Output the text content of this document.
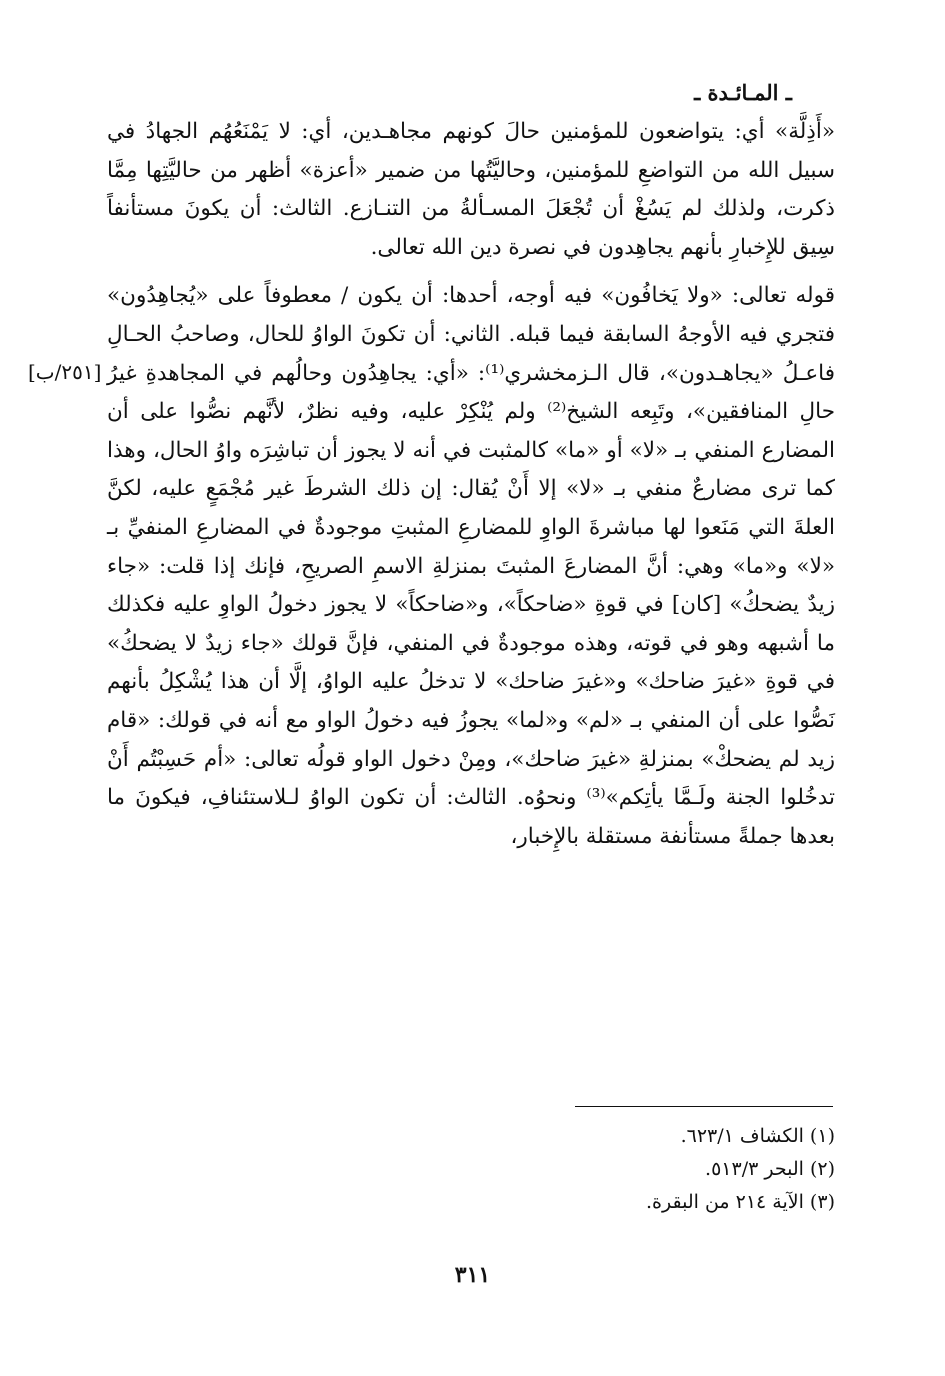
ـ المـائـدة ـ

«أَذِلَّة» أي: يتواضعون للمؤمنين حالَ كونهم مجاهـدين، أي: لا يَمْنَعُهُم الجهادُ في سبيل الله من التواضعِ للمؤمنين، وحاليَّتُها من ضمير «أعزة» أظهر من حاليَّتِها مِمَّا ذكرت، ولذلك لم يَسُغْ أن تُجْعَلَ المسـألةُ من التنـازع. الثالث: أن يكونَ مستأنفاً سِيق للإِخبارِ بأنهم يجاهِدون في نصرة دين الله تعالى.

قوله تعالى: «ولا يَخافُون» فيه أوجه، أحدها: أن يكون / معطوفاً على «يُجاهِدُون» فتجري فيه الأوجهُ السابقة فيما قبله. الثاني: أن تكونَ الواوُ للحال، وصاحبُ الحـالِ فاعـلُ «يجاهـدون»، قال الـزمخشري⁽¹⁾: «أي: يجاهِدُون وحالُهم في المجاهدةِ غيرُ حالِ المنافقين»، وتَبِعه الشيخ⁽²⁾ ولم يُنْكِرْ عليه، وفيه نظرٌ، لأنَّهم نصُّوا على أن المضارع المنفي بـ «لا» أو «ما» كالمثبت في أنه لا يجوز أن تباشِرَه واوُ الحال، وهذا كما ترى مضارعٌ منفي بـ «لا» إلا أَنْ يُقال: إن ذلك الشرطَ غير مُجْمَعٍ عليه، لكنَّ العلةَ التي مَنَعوا لها مباشرةَ الواوِ للمضارعِ المثبتِ موجودةٌ في المضارعِ المنفيِّ بـ «لا» و«ما» وهي: أنَّ المضارعَ المثبتَ بمنزلةِ الاسمِ الصريحِ، فإنك إذا قلت: «جاء زيدٌ يضحكُ» [كان] في قوةِ «ضاحكاً»، و«ضاحكاً» لا يجوز دخولُ الواوِ عليه فكذلك ما أشبهه وهو في قوته، وهذه موجودةٌ في المنفي، فإنَّ قولك «جاء زيدٌ لا يضحكُ» في قوةِ «غيرَ ضاحك» و«غيرَ ضاحك» لا تدخلُ عليه الواوُ، إلَّا أن هذا يُشْكِلُ بأنهم نَصُّوا على أن المنفي بـ «لم» و«لما» يجوزُ فيه دخولُ الواو مع أنه في قولك: «قام زيد لم يضحكْ» بمنزلةِ «غيرَ ضاحك»، ومِنْ دخول الواو قولُه تعالى: «أم حَسِبْتُم أَنْ تدخُلوا الجنة ولَـمَّا يأتِكم»⁽³⁾ ونحوُه. الثالث: أن تكون الواوُ لـلاستئنافِ، فيكونَ ما بعدها جملةً مستأنفة مستقلة بالإِخبار،

[٢٥١/ب]

(١) الكشاف ٦٢٣/١.

(٢) البحر ٥١٣/٣.

(٣) الآية ٢١٤ من البقرة.

٣١١
